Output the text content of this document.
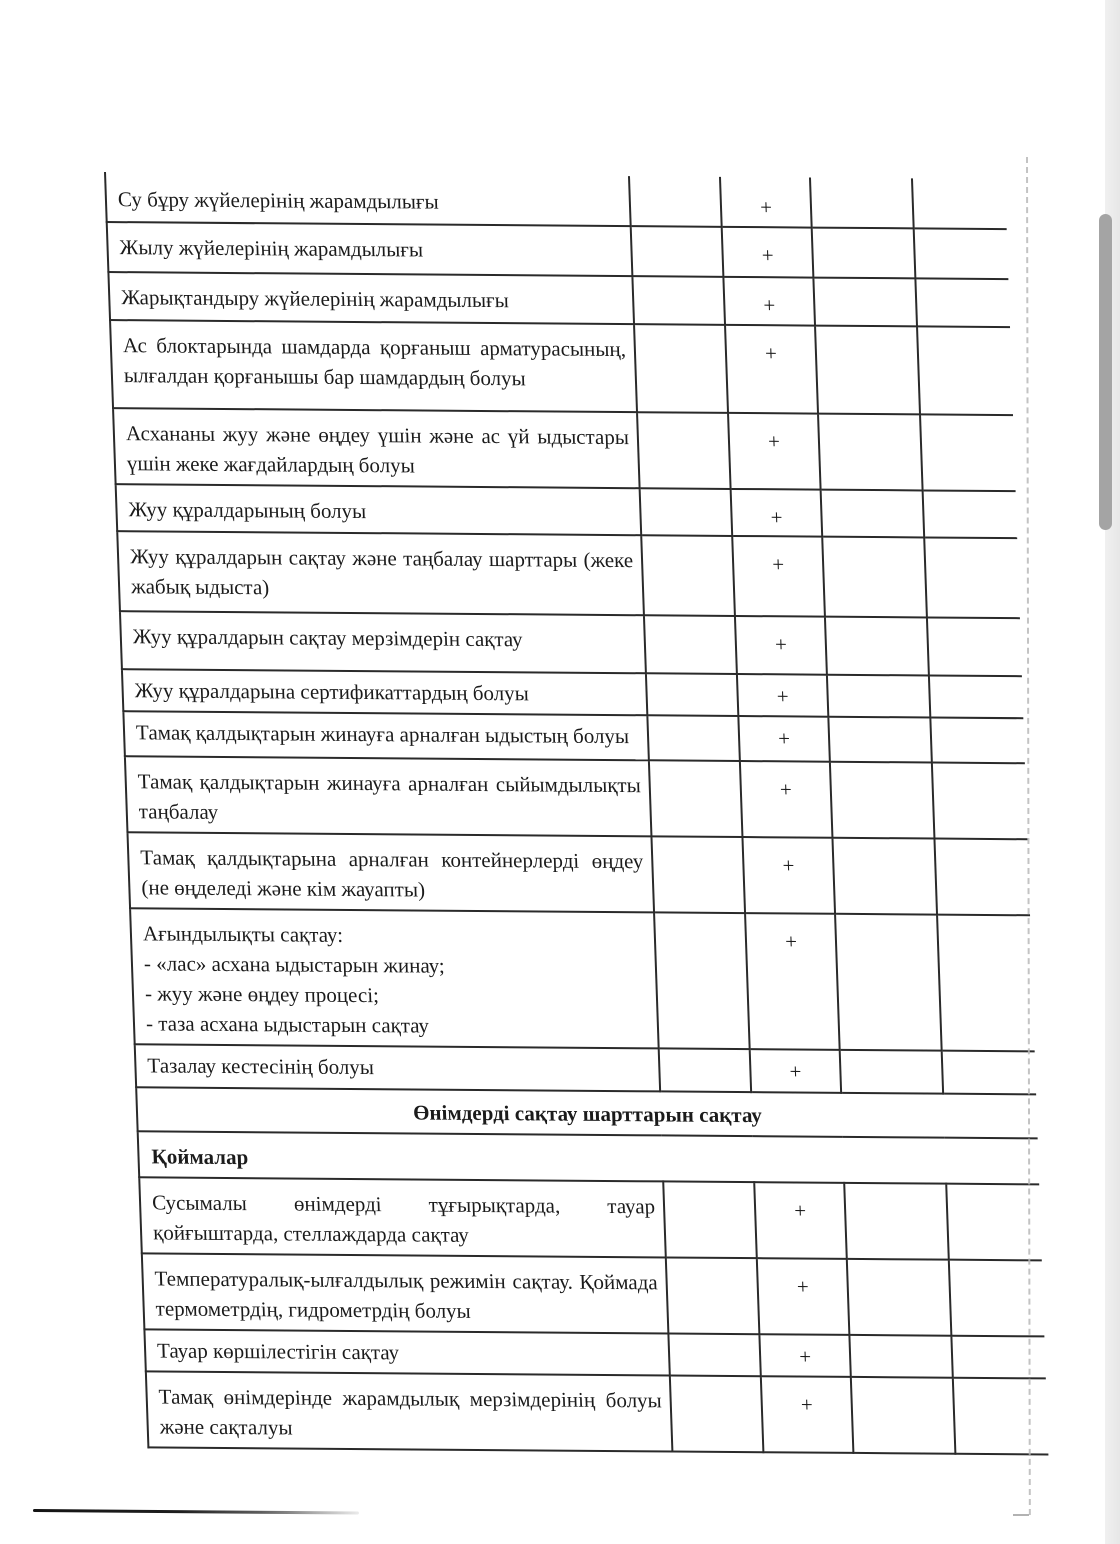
Су бұру жүйелерінің жарамдылығы		+		
Жылу жүйелерінің жарамдылығы		+		
Жарықтандыру жүйелерінің жарамдылығы		+		
Ас блоктарында шамдарда қорғаныш арматурасының, ылғалдан қорғанышы бар шамдардың болуы		+		
Асхананы жуу және өңдеу үшін және ас үй ыдыстары үшін жеке жағдайлардың болуы		+		
Жуу құралдарының болуы		+		
Жуу құралдарын сақтау және таңбалау шарттары (жеке жабық ыдыста)		+		
Жуу құралдарын сақтау мерзімдерін сақтау		+		
Жуу құралдарына сертификаттардың болуы		+		
Тамақ қалдықтарын жинауға арналған ыдыстың болуы		+		
Тамақ қалдықтарын жинауға арналған сыйымдылықты таңбалау		+		
Тамақ қалдықтарына арналған контейнерлерді өңдеу (не өңделеді және кім жауапты)		+		
Ағындылықты сақтау:
- «лас» асхана ыдыстарын жинау;
- жуу және өңдеу процесі;
- таза асхана ыдыстарын сақтау		+		
Тазалау кестесінің болуы		+		
Өнімдерді сақтау шарттарын сақтау				
Қоймалар				
Сусымалы өнімдерді тұғырықтарда, тауар қойғыштарда, стеллаждарда сақтау		+		
Температуралық-ылғалдылық режимін сақтау. Қоймада термометрдің, гидрометрдің болуы		+		
Тауар көршілестігін сақтау		+		
Тамақ өнімдерінде жарамдылық мерзімдерінің болуы және сақталуы		+		
